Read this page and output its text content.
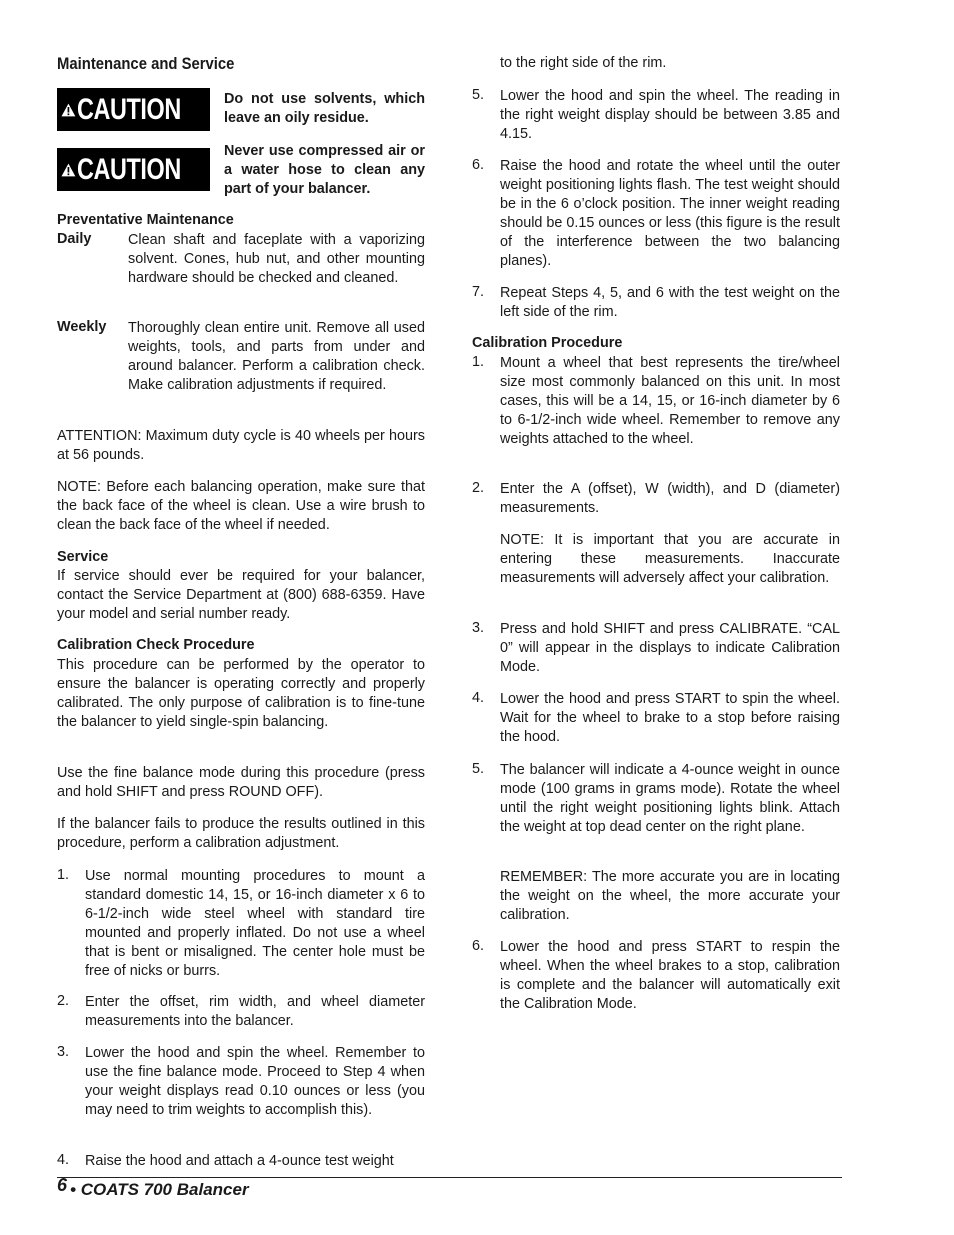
Maintenance and Service
CAUTION	Do not use solvents, which leave an oily residue.
CAUTION
Never use compressed air or a water hose to clean any part of your balancer.
Preventative Maintenance
Daily	Clean shaft and faceplate with a vaporizing solvent. Cones, hub nut, and other mounting hardware should be checked and cleaned.

Weekly Thoroughly clean entire unit. Remove all used weights, tools, and parts from under and around balancer. Perform a calibration check. Make calibration adjustments if required.

ATTENTION: Maximum duty cycle is 40 wheels per hours at 56 pounds.

NOTE: Before each balancing operation, make sure that the back face of the wheel is clean. Use a wire brush to clean the back face of the wheel if needed.

Service

If service should ever be required for your balancer, contact the Service Department at (800) 688-6359. Have your model and serial number ready.

Calibration Check Procedure

This procedure can be performed by the operator to ensure the balancer is operating correctly and properly calibrated. The only purpose of calibration is to fine-tune the balancer to yield single-spin balancing.

Use the fine balance mode during this procedure (press and hold SHIFT and press ROUND OFF).

If the balancer fails to produce the results outlined in this procedure, perform a calibration adjustment.

1. Use normal mounting procedures to mount a standard domestic 14, 15, or 16-inch diameter x 6 to 6-1/2-inch wide steel wheel with standard tire mounted and properly inflated. Do not use a wheel that is bent or misaligned. The center hole must be free of nicks or burrs.

2. Enter the offset, rim width, and wheel diameter measurements into the balancer.

3. Lower the hood and spin the wheel. Remember to use the fine balance mode. Proceed to Step 4 when your weight displays read 0.10 ounces or less (you may need to trim weights to accomplish this).

4. Raise the hood and attach a 4-ounce test weight

to the right side of the rim.

5. Lower the hood and spin the wheel. The reading in the right weight display should be between 3.85 and 4.15.

6. Raise the hood and rotate the wheel until the outer weight positioning lights flash. The test weight should be in the 6 o’clock position. The inner weight reading should be 0.15 ounces or less (this figure is the result of the interference between the two balancing planes).

7. Repeat Steps 4, 5, and 6 with the test weight on the left side of the rim.

Calibration Procedure
1. Mount a wheel that best represents the tire/wheel size most commonly balanced on this unit. In most cases, this will be a 14, 15, or 16-inch diameter by 6 to 6-1/2-inch wide wheel. Remember to remove any weights attached to the wheel.

2. Enter the A (offset), W (width), and D (diameter) measurements.

NOTE: It is important that you are accurate in entering these measurements. Inaccurate measurements will adversely affect your calibration.

3. Press and hold SHIFT and press CALIBRATE. “CAL 0” will appear in the displays to indicate Calibration Mode.

4. Lower the hood and press START to spin the wheel. Wait for the wheel to brake to a stop before raising the hood.

5. The balancer will indicate a 4-ounce weight in ounce mode (100 grams in grams mode). Rotate the wheel until the right weight positioning lights blink. Attach the weight at top dead center on the right plane.

REMEMBER: The more accurate you are in locating the weight on the wheel, the more accurate your calibration.

6. Lower the hood and press START to respin the wheel. When the wheel brakes to a stop, calibration is complete and the balancer will automatically exit the Calibration Mode.

6 • COATS 700 Balancer
